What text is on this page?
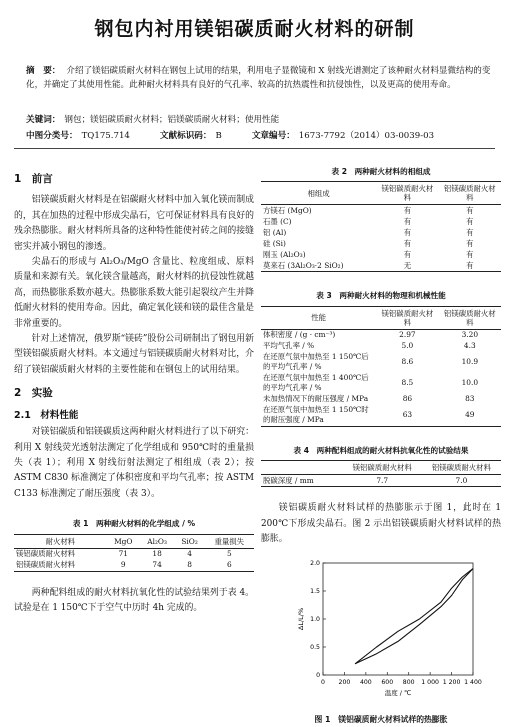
钢包内衬用镁铝碳质耐火材料的研制
摘　要： 介绍了镁铝碳质耐火材料在钢包上试用的结果，利用电子显微镜和 X 射线光谱测定了该种耐火材料显微结构的变化，并确定了其使用性能。此种耐火材料具有良好的气孔率、较高的抗热震性和抗侵蚀性，以及更高的使用寿命。
关键词： 钢包；镁铝碳质耐火材料；铝镁碳质耐火材料；使用性能
中图分类号： TQ175.714	文献标识码： B	文章编号： 1673-7792（2014）03-0039-03
1　前言

铝镁碳质耐火材料是在铝碳耐火材料中加入氧化镁而制成的，其在加热的过程中形成尖晶石，它可保证材料具有良好的残余热膨胀。耐火材料所具备的这种特性能使衬砖之间的接缝密实并减小钢包的渗透。

尖晶石的形成与 Al₂O₃/MgO 含量比、粒度组成、原料质量和来源有关。氧化镁含量越高，耐火材料的抗侵蚀性就越高，而热膨胀系数亦越大。热膨胀系数大能引起裂纹产生并降低耐火材料的使用寿命。因此，确定氧化镁和镁的最佳含量是非常重要的。

针对上述情况，俄罗斯“镁砖”股份公司研制出了钢包用新型镁铝碳质耐火材料。本文通过与铝镁碳质耐火材料对比，介绍了镁铝碳质耐火材料的主要性能和在钢包上的试用结果。

2　实验
2.1　材料性能

对镁铝碳质和铝镁碳质这两种耐火材料进行了以下研究：利用 X 射线荧光透射法测定了化学组成和 950℃时的重量损失（表 1）；利用 X 射线衍射法测定了相组成（表 2）；按 ASTM C830 标准测定了体积密度和平均气孔率；按 ASTM C133 标准测定了耐压强度（表 3）。

表 1　两种耐火材料的化学组成 / %
耐火材料	MgO	Al₂O₃	SiO₂	重量损失
镁铝碳质耐火材料	71	18	4	5
铝镁碳质耐火材料	9	74	8	6

两种配料组成的耐火材料抗氧化性的试验结果列于表 4。试验是在 1 150℃下于空气中历时 4h 完成的。

表 2　两种耐火材料的相组成
相组成	镁铝碳质耐火材料	铝镁碳质耐火材料
方镁石 (MgO)	有	有
石墨 (C)	有	有
铝 (Al)	有	有
硅 (Si)	有	有
刚玉 (Al₂O₃)	有	有
莫来石 (3Al₂O₃·2 SiO₂)	无	有
表 3　两种耐火材料的物理和机械性能
性能	镁铝碳质耐火材料	铝镁碳质耐火材料
体积密度 / (g · cm⁻³)	2.97	3.20
平均气孔率 / %	5.0	4.3
在还原气氛中加热至 1 150℃后的平均气孔率 / %	8.6	10.9
在还原气氛中加热至 1 400℃后的平均气孔率 / %	8.5	10.0
未加热情况下的耐压强度 / MPa	86	83
在还原气氛中加热至 1 150℃时的耐压强度 / MPa	63	49
表 4　两种配料组成的耐火材料抗氧化性的试验结果
	镁铝碳质耐火材料	铝镁碳质耐火材料
脱碳深度 / mm	7.7	7.0

镁铝碳质耐火材料试样的热膨胀示于图 1，此时在 1 200℃下形成尖晶石。图 2 示出铝镁碳质耐火材料试样的热膨胀。

0 200 400 600 800 1 000 1 200 1 400
0
0.5
1.0
1.5
2.0
温度 / ℃
ΔL/L/%
图 1　镁铝碳质耐火材料试样的热膨胀
